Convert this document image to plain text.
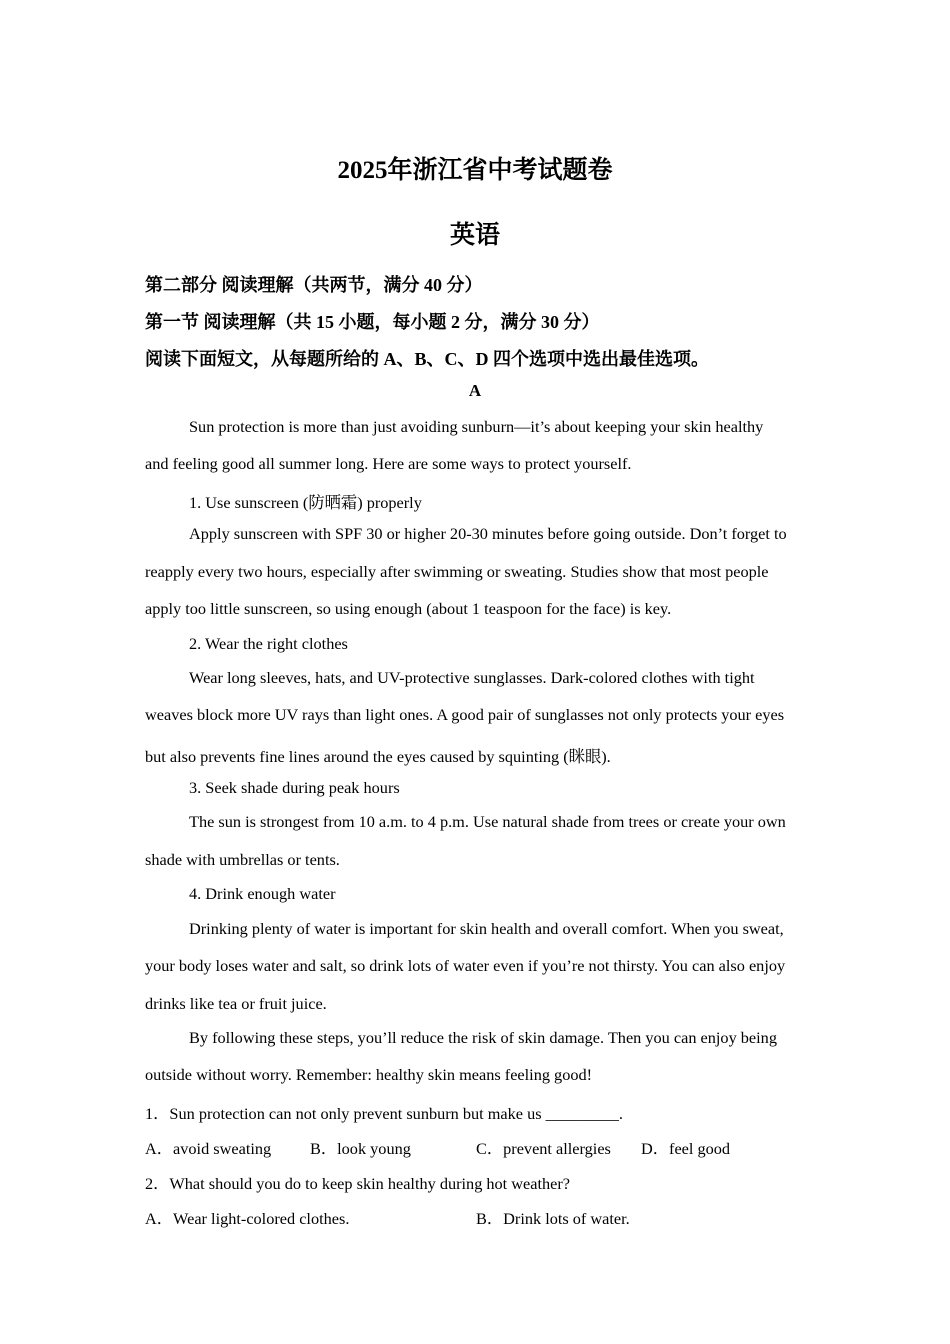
2025年浙江省中考试题卷
英语
第二部分 阅读理解（共两节，满分 40 分）
第一节 阅读理解（共 15 小题，每小题 2 分，满分 30 分）
阅读下面短文，从每题所给的 A、B、C、D 四个选项中选出最佳选项。
A
Sun protection is more than just avoiding sunburn—it’s about keeping your skin healthy
and feeling good all summer long. Here are some ways to protect yourself.
1. Use sunscreen (防晒霜) properly
Apply sunscreen with SPF 30 or higher 20-30 minutes before going outside. Don’t forget to
reapply every two hours, especially after swimming or sweating. Studies show that most people
apply too little sunscreen, so using enough (about 1 teaspoon for the face) is key.
2. Wear the right clothes
Wear long sleeves, hats, and UV-protective sunglasses. Dark-colored clothes with tight
weaves block more UV rays than light ones. A good pair of sunglasses not only protects your eyes
but also prevents fine lines around the eyes caused by squinting (眯眼).
3. Seek shade during peak hours
The sun is strongest from 10 a.m. to 4 p.m. Use natural shade from trees or create your own
shade with umbrellas or tents.
4. Drink enough water
Drinking plenty of water is important for skin health and overall comfort. When you sweat,
your body loses water and salt, so drink lots of water even if you’re not thirsty. You can also enjoy
drinks like tea or fruit juice.
By following these steps, you’ll reduce the risk of skin damage. Then you can enjoy being
outside without worry. Remember: healthy skin means feeling good!
1．Sun protection can not only prevent sunburn but make us _________.
A．avoid sweating B．look young	C．prevent allergies D．feel good
2．What should you do to keep skin healthy during hot weather?
A．Wear light-colored clothes.	B．Drink lots of water.
